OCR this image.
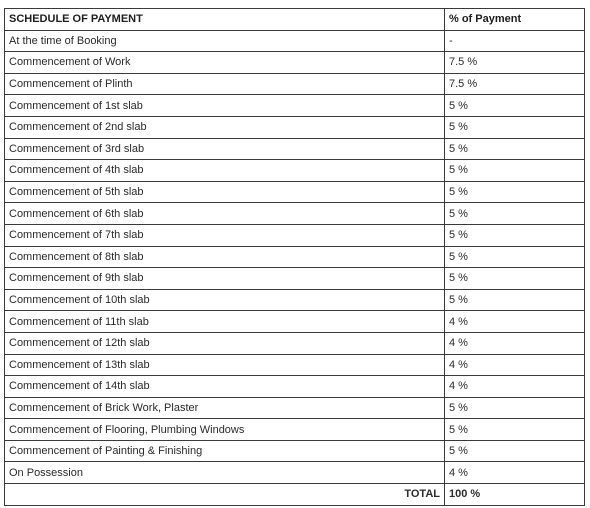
SCHEDULE OF PAYMENT	% of Payment
At the time of Booking	-
Commencement of Work	7.5 %
Commencement of Plinth	7.5 %
Commencement of 1st slab	5 %
Commencement of 2nd slab	5 %
Commencement of 3rd slab	5 %
Commencement of 4th slab	5 %
Commencement of 5th slab	5 %
Commencement of 6th slab	5 %
Commencement of 7th slab	5 %
Commencement of 8th slab	5 %
Commencement of 9th slab	5 %
Commencement of 10th slab	5 %
Commencement of 11th slab	4 %
Commencement of 12th slab	4 %
Commencement of 13th slab	4 %
Commencement of 14th slab	4 %
Commencement of Brick Work, Plaster	5 %
Commencement of Flooring, Plumbing Windows	5 %
Commencement of Painting & Finishing	5 %
On Possession	4 %
TOTAL	100 %
